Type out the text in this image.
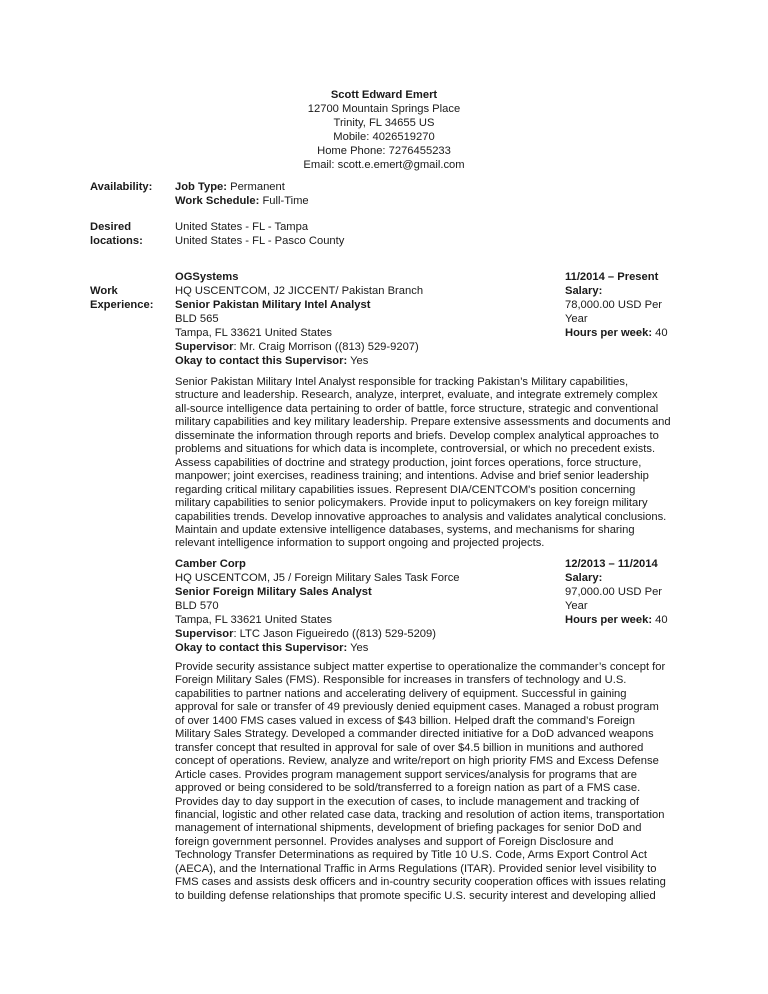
Scott Edward Emert
12700 Mountain Springs Place
Trinity, FL 34655 US
Mobile: 4026519270
Home Phone: 7276455233
Email: scott.e.emert@gmail.com
Availability: Job Type: Permanent
Work Schedule: Full-Time
Desired
locations:
United States - FL - Tampa
United States - FL - Pasco County
Work
Experience:
OGSystems
HQ USCENTCOM, J2 JICCENT/ Pakistan Branch
Senior Pakistan Military Intel Analyst
BLD 565
Tampa, FL 33621 United States
Supervisor: Mr. Craig Morrison ((813) 529-9207)
Okay to contact this Supervisor: Yes
11/2014 – Present
Salary:
78,000.00 USD Per
Year
Hours per week: 40
Senior Pakistan Military Intel Analyst responsible for tracking Pakistan’s Military capabilities,
structure and leadership. Research, analyze, interpret, evaluate, and integrate extremely complex
all-source intelligence data pertaining to order of battle, force structure, strategic and conventional
military capabilities and key military leadership. Prepare extensive assessments and documents and
disseminate the information through reports and briefs. Develop complex analytical approaches to
problems and situations for which data is incomplete, controversial, or which no precedent exists.
Assess capabilities of doctrine and strategy production, joint forces operations, force structure,
manpower; joint exercises, readiness training; and intentions. Advise and brief senior leadership
regarding critical military capabilities issues. Represent DIA/CENTCOM's position concerning
military capabilities to senior policymakers. Provide input to policymakers on key foreign military
capabilities trends. Develop innovative approaches to analysis and validates analytical conclusions.
Maintain and update extensive intelligence databases, systems, and mechanisms for sharing
relevant intelligence information to support ongoing and projected projects.
Camber Corp
HQ USCENTCOM, J5 / Foreign Military Sales Task Force
Senior Foreign Military Sales Analyst
BLD 570
Tampa, FL 33621 United States
Supervisor: LTC Jason Figueiredo ((813) 529-5209)
Okay to contact this Supervisor: Yes
12/2013 – 11/2014
Salary:
97,000.00 USD Per
Year
Hours per week: 40
Provide security assistance subject matter expertise to operationalize the commander’s concept for
Foreign Military Sales (FMS). Responsible for increases in transfers of technology and U.S.
capabilities to partner nations and accelerating delivery of equipment. Successful in gaining
approval for sale or transfer of 49 previously denied equipment cases. Managed a robust program
of over 1400 FMS cases valued in excess of $43 billion. Helped draft the command’s Foreign
Military Sales Strategy. Developed a commander directed initiative for a DoD advanced weapons
transfer concept that resulted in approval for sale of over $4.5 billion in munitions and authored
concept of operations. Review, analyze and write/report on high priority FMS and Excess Defense
Article cases. Provides program management support services/analysis for programs that are
approved or being considered to be sold/transferred to a foreign nation as part of a FMS case.
Provides day to day support in the execution of cases, to include management and tracking of
financial, logistic and other related case data, tracking and resolution of action items, transportation
management of international shipments, development of briefing packages for senior DoD and
foreign government personnel. Provides analyses and support of Foreign Disclosure and
Technology Transfer Determinations as required by Title 10 U.S. Code, Arms Export Control Act
(AECA), and the International Traffic in Arms Regulations (ITAR). Provided senior level visibility to
FMS cases and assists desk officers and in-country security cooperation offices with issues relating
to building defense relationships that promote specific U.S. security interest and developing allied
